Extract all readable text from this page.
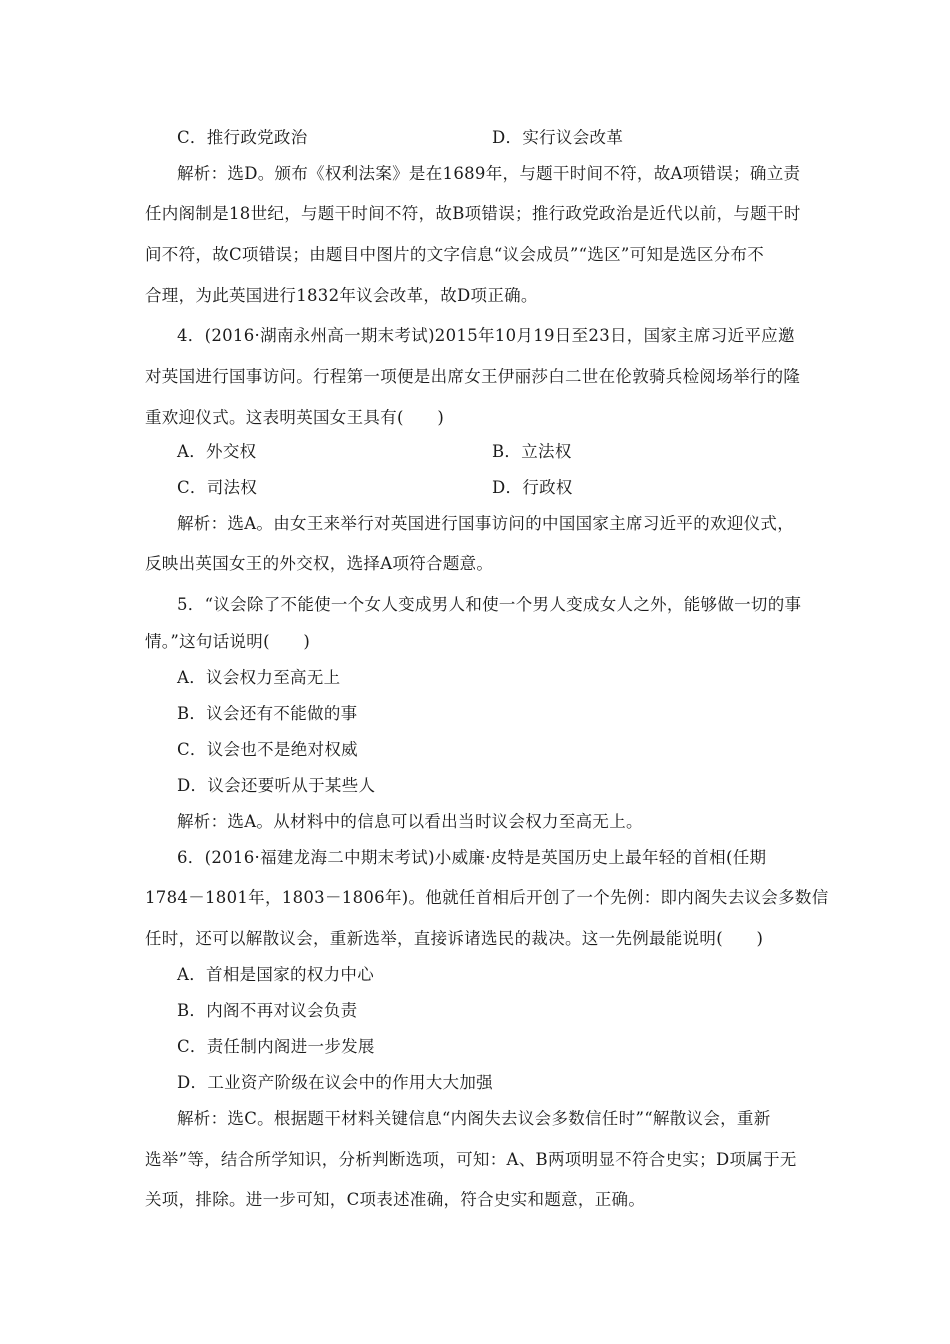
C．推行政党政治	D．实行议会改革
解析：选D。颁布《权利法案》是在1689年，与题干时间不符，故A项错误；确立责
任内阁制是18世纪，与题干时间不符，故B项错误；推行政党政治是近代以前，与题干时
间不符，故C项错误；由题目中图片的文字信息“议会成员”“选区”可知是选区分布不
合理，为此英国进行1832年议会改革，故D项正确。
4．(2016·湖南永州高一期末考试)2015年10月19日至23日，国家主席习近平应邀
对英国进行国事访问。行程第一项便是出席女王伊丽莎白二世在伦敦骑兵检阅场举行的隆
重欢迎仪式。这表明英国女王具有(　　)
A．外交权	B．立法权
C．司法权	D．行政权
解析：选A。由女王来举行对英国进行国事访问的中国国家主席习近平的欢迎仪式，
反映出英国女王的外交权，选择A项符合题意。
5．“议会除了不能使一个女人变成男人和使一个男人变成女人之外，能够做一切的事
情。”这句话说明(　　)
A．议会权力至高无上
B．议会还有不能做的事
C．议会也不是绝对权威
D．议会还要听从于某些人
解析：选A。从材料中的信息可以看出当时议会权力至高无上。
6．(2016·福建龙海二中期末考试)小威廉·皮特是英国历史上最年轻的首相(任期
1784－1801年，1803－1806年)。他就任首相后开创了一个先例：即内阁失去议会多数信
任时，还可以解散议会，重新选举，直接诉诸选民的裁决。这一先例最能说明(　　)
A．首相是国家的权力中心
B．内阁不再对议会负责
C．责任制内阁进一步发展
D．工业资产阶级在议会中的作用大大加强
解析：选C。根据题干材料关键信息“内阁失去议会多数信任时”“解散议会，重新
选举”等，结合所学知识，分析判断选项，可知：A、B两项明显不符合史实；D项属于无
关项，排除。进一步可知，C项表述准确，符合史实和题意，正确。
